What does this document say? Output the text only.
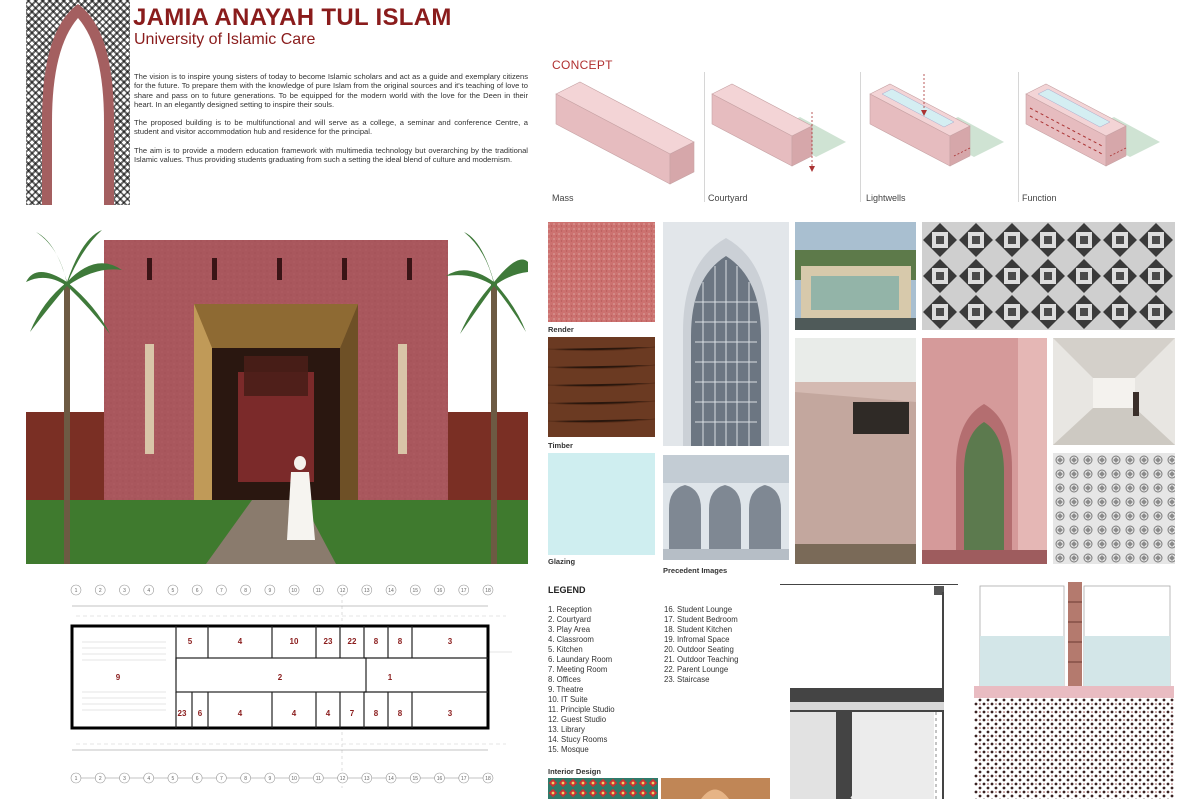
JAMIA ANAYAH TUL ISLAM
University of Islamic Care

The vision is to inspire young sisters of today to become Islamic scholars and act as a guide and exemplary citizens for the future. To prepare them with the knowledge of pure Islam from the original sources and it's teaching of love to share and pass on to future generations. To be equipped for the modern world with the love for the Deen in their heart. In an elegantly designed setting to inspire their souls.

The proposed building is to be multifunctional and will serve as a college, a seminar and conference Centre, a student and visitor accommodation hub and residence for the principal.

The aim is to provide a modern education framework with multimedia technology but overarching by the traditional Islamic values. Thus providing students graduating from such a setting the ideal blend of culture and modernism.

CONCEPT
Mass	Courtyard	Lightwells	Function
Render
Timber
Glazing
Precedent Images
1	2	3	4	5	6	7	8	9	10	11	12	13	14	15	16	17	18
1	2	3	4	5	6	7	8	9	10	11	12	13	14	15	16	17	18
5	4	10	23 22 8 8	3
9	2	1
23 6	4	4	4 7 8 8	3
LEGEND
1. Reception
2. Courtyard
3. Play Area
4. Classroom
5. Kitchen
6. Laundary Room
7. Meeting Room
8. Offices
9. Theatre
10. IT Suite
11. Principle Studio
12. Guest Studio
13. Library
14. Stucy Rooms
15. Mosque
16. Student Lounge
17. Student Bedroom
18. Student Kitchen
19. Infromal Space
20. Outdoor Seating
21. Outdoor Teaching
22. Parent Lounge
23. Staircase
Interior Design
